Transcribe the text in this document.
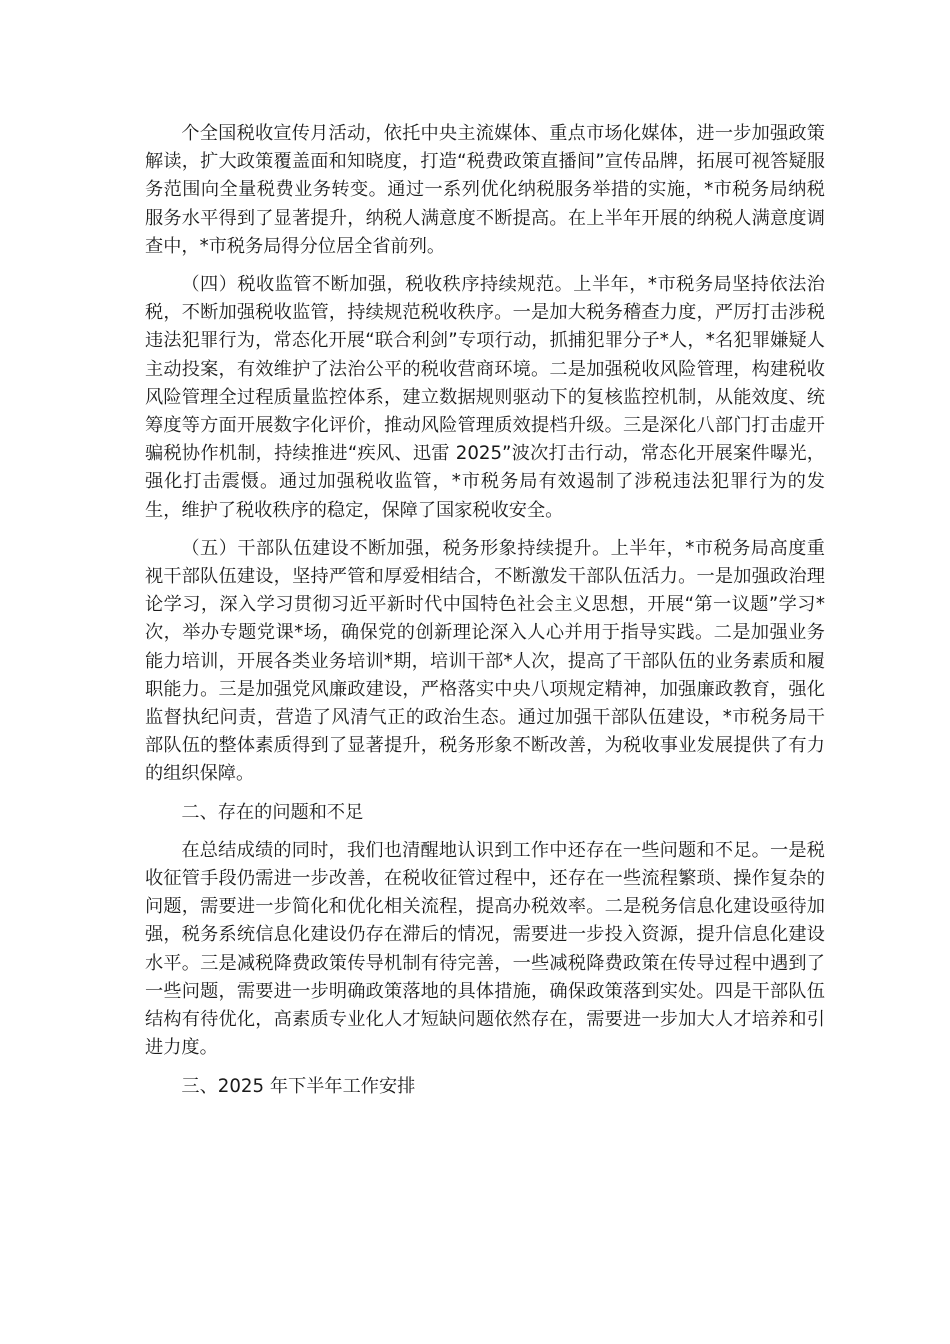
个全国税收宣传月活动，依托中央主流媒体、重点市场化媒体，进一步加强政策解读，扩大政策覆盖面和知晓度，打造“税费政策直播间”宣传品牌，拓展可视答疑服务范围向全量税费业务转变。通过一系列优化纳税服务举措的实施，*市税务局纳税服务水平得到了显著提升，纳税人满意度不断提高。在上半年开展的纳税人满意度调查中，*市税务局得分位居全省前列。

（四）税收监管不断加强，税收秩序持续规范。上半年，*市税务局坚持依法治税，不断加强税收监管，持续规范税收秩序。一是加大税务稽查力度，严厉打击涉税违法犯罪行为，常态化开展“联合利剑”专项行动，抓捕犯罪分子*人，*名犯罪嫌疑人主动投案，有效维护了法治公平的税收营商环境。二是加强税收风险管理，构建税收风险管理全过程质量监控体系，建立数据规则驱动下的复核监控机制，从能效度、统筹度等方面开展数字化评价，推动风险管理质效提档升级。三是深化八部门打击虚开骗税协作机制，持续推进“疾风、迅雷 2025”波次打击行动，常态化开展案件曝光，强化打击震慑。通过加强税收监管，*市税务局有效遏制了涉税违法犯罪行为的发生，维护了税收秩序的稳定，保障了国家税收安全。

（五）干部队伍建设不断加强，税务形象持续提升。上半年，*市税务局高度重视干部队伍建设，坚持严管和厚爱相结合，不断激发干部队伍活力。一是加强政治理论学习，深入学习贯彻习近平新时代中国特色社会主义思想，开展“第一议题”学习*次，举办专题党课*场，确保党的创新理论深入人心并用于指导实践。二是加强业务能力培训，开展各类业务培训*期，培训干部*人次，提高了干部队伍的业务素质和履职能力。三是加强党风廉政建设，严格落实中央八项规定精神，加强廉政教育，强化监督执纪问责，营造了风清气正的政治生态。通过加强干部队伍建设，*市税务局干部队伍的整体素质得到了显著提升，税务形象不断改善，为税收事业发展提供了有力的组织保障。

二、存在的问题和不足

在总结成绩的同时，我们也清醒地认识到工作中还存在一些问题和不足。一是税收征管手段仍需进一步改善，在税收征管过程中，还存在一些流程繁琐、操作复杂的问题，需要进一步简化和优化相关流程，提高办税效率。二是税务信息化建设亟待加强，税务系统信息化建设仍存在滞后的情况，需要进一步投入资源，提升信息化建设水平。三是减税降费政策传导机制有待完善，一些减税降费政策在传导过程中遇到了一些问题，需要进一步明确政策落地的具体措施，确保政策落到实处。四是干部队伍结构有待优化，高素质专业化人才短缺问题依然存在，需要进一步加大人才培养和引进力度。

三、2025 年下半年工作安排
